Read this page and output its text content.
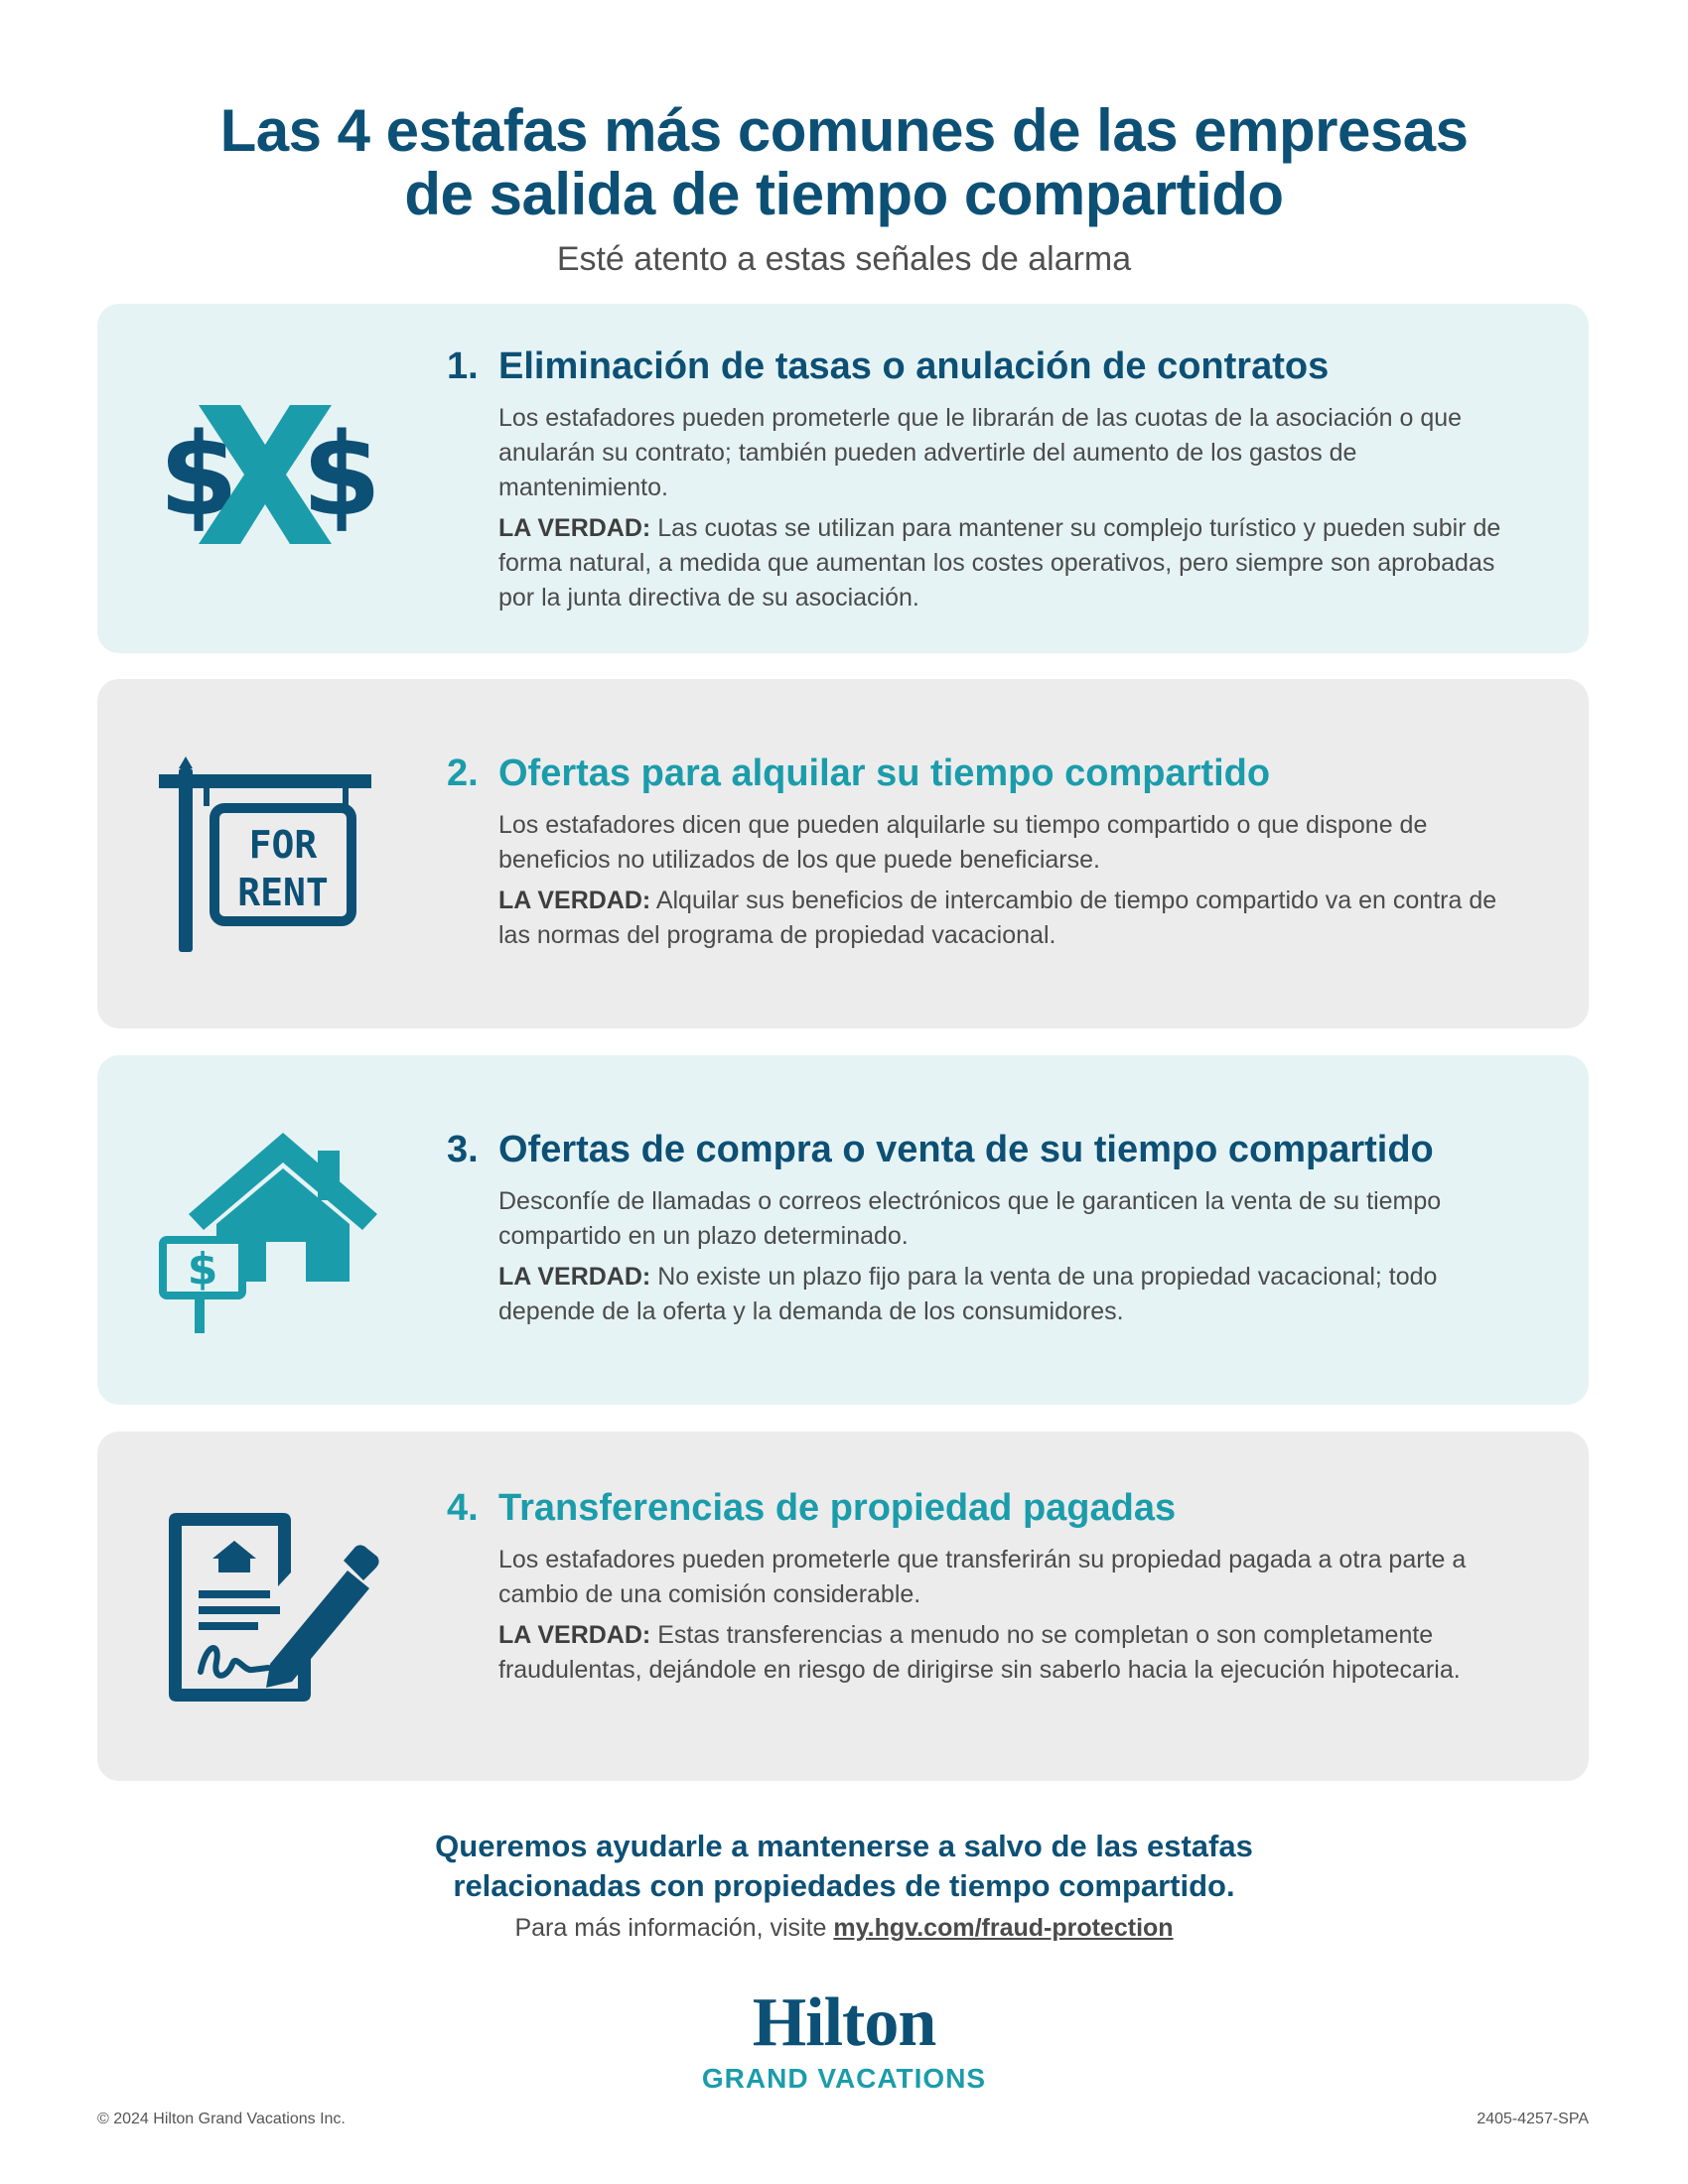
Las 4 estafas más comunes de las empresas
de salida de tiempo compartido
Esté atento a estas señales de alarma
$ $
1. Eliminación de tasas o anulación de contratos

Los estafadores pueden prometerle que le librarán de las cuotas de la asociación o que anularán su contrato; también pueden advertirle del aumento de los gastos de mantenimiento.

LA VERDAD: Las cuotas se utilizan para mantener su complejo turístico y pueden subir de forma natural, a medida que aumentan los costes operativos, pero siempre son aprobadas por la junta directiva de su asociación.

FOR
RENT
2. Ofertas para alquilar su tiempo compartido

Los estafadores dicen que pueden alquilarle su tiempo compartido o que dispone de beneficios no utilizados de los que puede beneficiarse.

LA VERDAD: Alquilar sus beneficios de intercambio de tiempo compartido va en contra de las normas del programa de propiedad vacacional.

$
3. Ofertas de compra o venta de su tiempo compartido

Desconfíe de llamadas o correos electrónicos que le garanticen la venta de su tiempo compartido en un plazo determinado.

LA VERDAD: No existe un plazo fijo para la venta de una propiedad vacacional; todo depende de la oferta y la demanda de los consumidores.

4. Transferencias de propiedad pagadas

Los estafadores pueden prometerle que transferirán su propiedad pagada a otra parte a cambio de una comisión considerable.

LA VERDAD: Estas transferencias a menudo no se completan o son completamente fraudulentas, dejándole en riesgo de dirigirse sin saberlo hacia la ejecución hipotecaria.

Queremos ayudarle a mantenerse a salvo de las estafas
relacionadas con propiedades de tiempo compartido.
Para más información, visite my.hgv.com/fraud-protection
Hilton
GRAND VACATIONS
© 2024 Hilton Grand Vacations Inc.	2405-4257-SPA
